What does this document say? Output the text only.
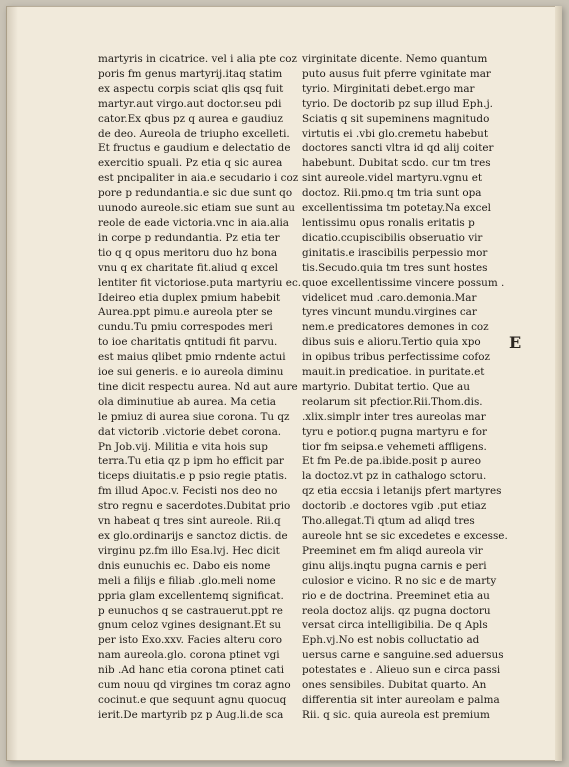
martyris in cicatrice. vel i alia pte coz
poris fm genus martyrij.itaq statim
ex aspectu corpis sciat qlis qsq fuit
martyr.aut virgo.aut doctor.seu pdi
cator.Ex qbus pz q aurea e gaudiuz
de deo. Aureola de triupho excelleti.
Et fructus e gaudium e delectatio de
exercitio spuali. Pz etia q sic aurea
est pncipaliter in aia.e secudario i coz
pore p redundantia.e sic due sunt qo
uunodo aureole.sic etiam sue sunt au
reole de eade victoria.vnc in aia.alia
in corpe p redundantia. Pz etia ter
tio q q opus meritoru duo hz bona
vnu q ex charitate fit.aliud q excel
lentiter fit victoriose.puta martyriu ec.
Ideireo etia duplex pmium habebit
Aurea.ppt pimu.e aureola pter se
cundu.Tu pmiu correspodes meri
to ioe charitatis qntitudi fit parvu.
est maius qlibet pmio rndente actui
ioe sui generis. e io aureola diminu
tine dicit respectu aurea. Nd aut aure
ola diminutiue ab aurea. Ma cetia
le pmiuz di aurea siue corona. Tu qz
dat victorib .victorie debet corona.
Pn Job.vij. Militia e vita hois sup
terra.Tu etia qz p ipm ho efficit par
ticeps diuitatis.e p psio regie ptatis.
fm illud Apoc.v. Fecisti nos deo no
stro regnu e sacerdotes.Dubitat prio
vn habeat q tres sint aureole. Rii.q
ex glo.ordinarijs e sanctoz dictis. de
virginu pz.fm illo Esa.lvj. Hec dicit
dnis eunuchis ec. Dabo eis nome
meli a filijs e filiab .glo.meli nome
ppria glam excellentemq significat.
p eunuchos q se castrauerut.ppt re
gnum celoz vgines designant.Et su
per isto Exo.xxv. Facies alteru coro
nam aureola.glo. corona ptinet vgi
nib .Ad hanc etia corona ptinet cati
cum nouu qd virgines tm coraz agno
cocinut.e que sequunt agnu quocuq
ierit.De martyrib pz p Aug.li.de sca
virginitate dicente. Nemo quantum
puto ausus fuit pferre vginitate mar
tyrio. Mirginitati debet.ergo mar
tyrio. De doctorib pz sup illud Eph.j.
Sciatis q sit supeminens magnitudo
virtutis ei .vbi glo.cremetu habebut
doctores sancti vltra id qd alij coiter
habebunt. Dubitat scdo. cur tm tres
sint aureole.videl martyru.vgnu et
doctoz. Rii.pmo.q tm tria sunt opa
excellentissima tm potetay.Na excel
lentissimu opus ronalis eritatis p
dicatio.ccupiscibilis obseruatio vir
ginitatis.e irascibilis perpessio mor
tis.Secudo.quia tm tres sunt hostes
quoe excellentissime vincere possum .
videlicet mud .caro.demonia.Mar
tyres vincunt mundu.virgines car
nem.e predicatores demones in coz
dibus suis e alioru.Tertio quia xpo
in opibus tribus perfectissime cofoz
mauit.in predicatioe. in puritate.et
martyrio. Dubitat tertio. Que au
reolarum sit pfectior.Rii.Thom.dis.
.xlix.simplr inter tres aureolas mar
tyru e potior.q pugna martyru e for
tior fm seipsa.e vehemeti affligens.
Et fm Pe.de pa.ibide.posit p aureo
la doctoz.vt pz in cathalogo sctoru.
qz etia eccsia i letanijs pfert martyres
doctorib .e doctores vgib .put etiaz
Tho.allegat.Ti qtum ad aliqd tres
aureole hnt se sic excedetes e excesse.
Preeminet em fm aliqd aureola vir
ginu alijs.inqtu pugna carnis e peri
culosior e vicino. R no sic e de marty
rio e de doctrina. Preeminet etia au
reola doctoz alijs. qz pugna doctoru
versat circa intelligibilia. De q Apls
Eph.vj.No est nobis colluctatio ad
uersus carne e sanguine.sed aduersus
potestates e . Alieuo sun e circa passi
ones sensibiles. Dubitat quarto. An
differentia sit inter aureolam e palma
Rii. q sic. quia aureola est premium
E
